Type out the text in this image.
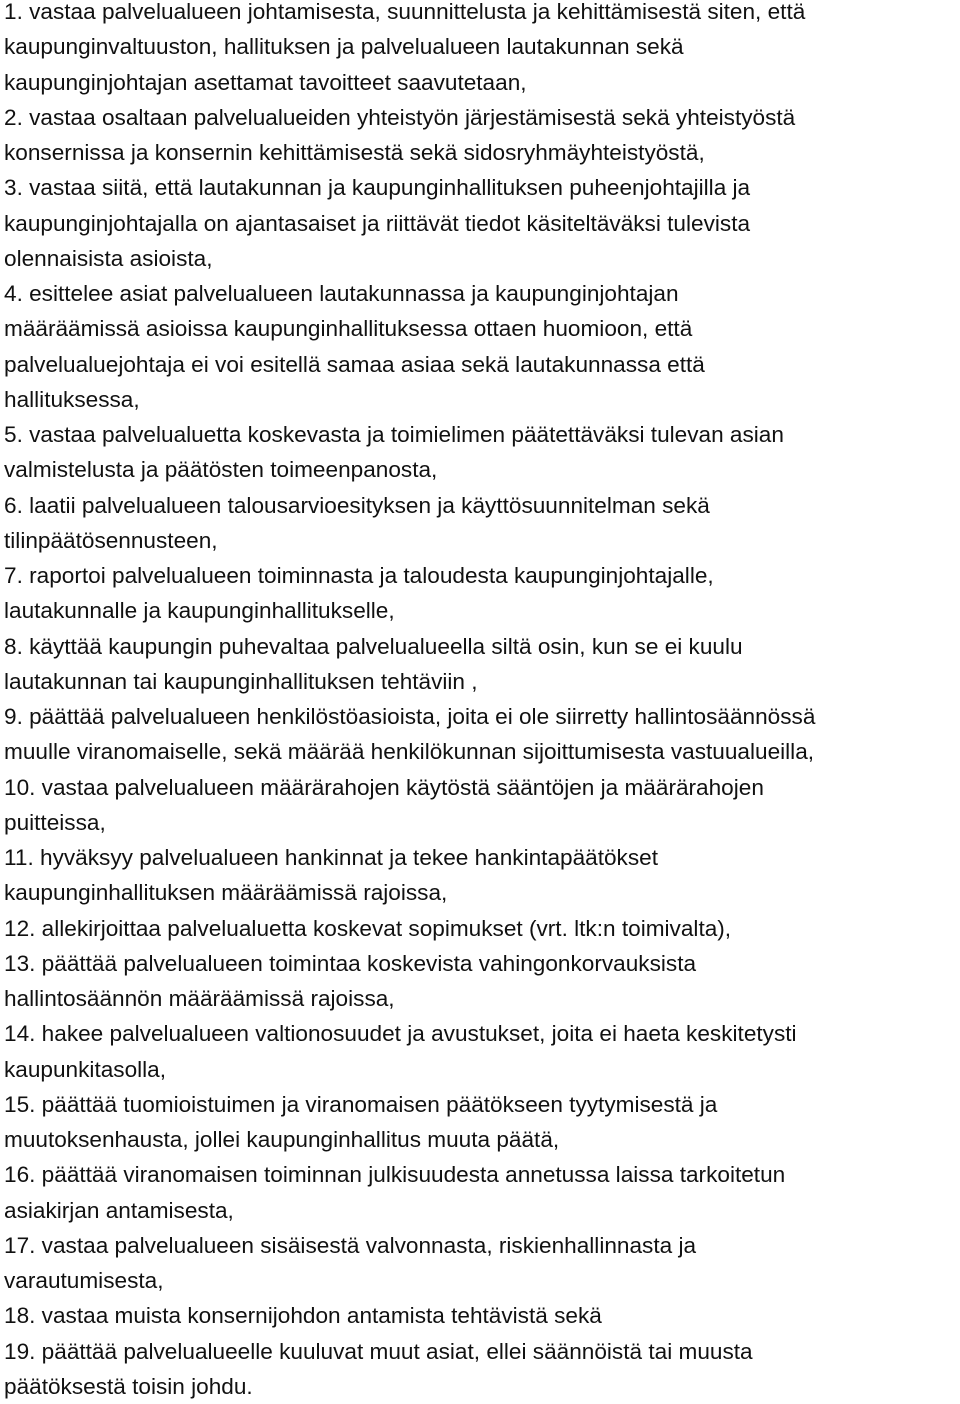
1. vastaa palvelualueen johtamisesta, suunnittelusta ja kehittämisestä siten, että
kaupunginvaltuuston, hallituksen ja palvelualueen lautakunnan sekä
kaupunginjohtajan asettamat tavoitteet saavutetaan,
2. vastaa osaltaan palvelualueiden yhteistyön järjestämisestä sekä yhteistyöstä
konsernissa ja konsernin kehittämisestä sekä sidosryhmäyhteistyöstä,
3. vastaa siitä, että lautakunnan ja kaupunginhallituksen puheenjohtajilla ja
kaupunginjohtajalla on ajantasaiset ja riittävät tiedot käsiteltäväksi tulevista
olennaisista asioista,
4. esittelee asiat palvelualueen lautakunnassa ja kaupunginjohtajan
määräämissä asioissa kaupunginhallituksessa ottaen huomioon, että
palvelualuejohtaja ei voi esitellä samaa asiaa sekä lautakunnassa että
hallituksessa,
5. vastaa palvelualuetta koskevasta ja toimielimen päätettäväksi tulevan asian
valmistelusta ja päätösten toimeenpanosta,
6. laatii palvelualueen talousarvioesityksen ja käyttösuunnitelman sekä
tilinpäätösennusteen,
7. raportoi palvelualueen toiminnasta ja taloudesta kaupunginjohtajalle,
lautakunnalle ja kaupunginhallitukselle,
8. käyttää kaupungin puhevaltaa palvelualueella siltä osin, kun se ei kuulu
lautakunnan tai kaupunginhallituksen tehtäviin ,
9. päättää palvelualueen henkilöstöasioista, joita ei ole siirretty hallintosäännössä
muulle viranomaiselle, sekä määrää henkilökunnan sijoittumisesta vastuualueilla,
10. vastaa palvelualueen määrärahojen käytöstä sääntöjen ja määrärahojen
puitteissa,
11. hyväksyy palvelualueen hankinnat ja tekee hankintapäätökset
kaupunginhallituksen määräämissä rajoissa,
12. allekirjoittaa palvelualuetta koskevat sopimukset (vrt. ltk:n toimivalta),
13. päättää palvelualueen toimintaa koskevista vahingonkorvauksista
hallintosäännön määräämissä rajoissa,
14. hakee palvelualueen valtionosuudet ja avustukset, joita ei haeta keskitetysti
kaupunkitasolla,
15. päättää tuomioistuimen ja viranomaisen päätökseen tyytymisestä ja
muutoksenhausta, jollei kaupunginhallitus muuta päätä,
16. päättää viranomaisen toiminnan julkisuudesta annetussa laissa tarkoitetun
asiakirjan antamisesta,
17. vastaa palvelualueen sisäisestä valvonnasta, riskienhallinnasta ja
varautumisesta,
18. vastaa muista konsernijohdon antamista tehtävistä sekä
19. päättää palvelualueelle kuuluvat muut asiat, ellei säännöistä tai muusta
päätöksestä toisin johdu.
